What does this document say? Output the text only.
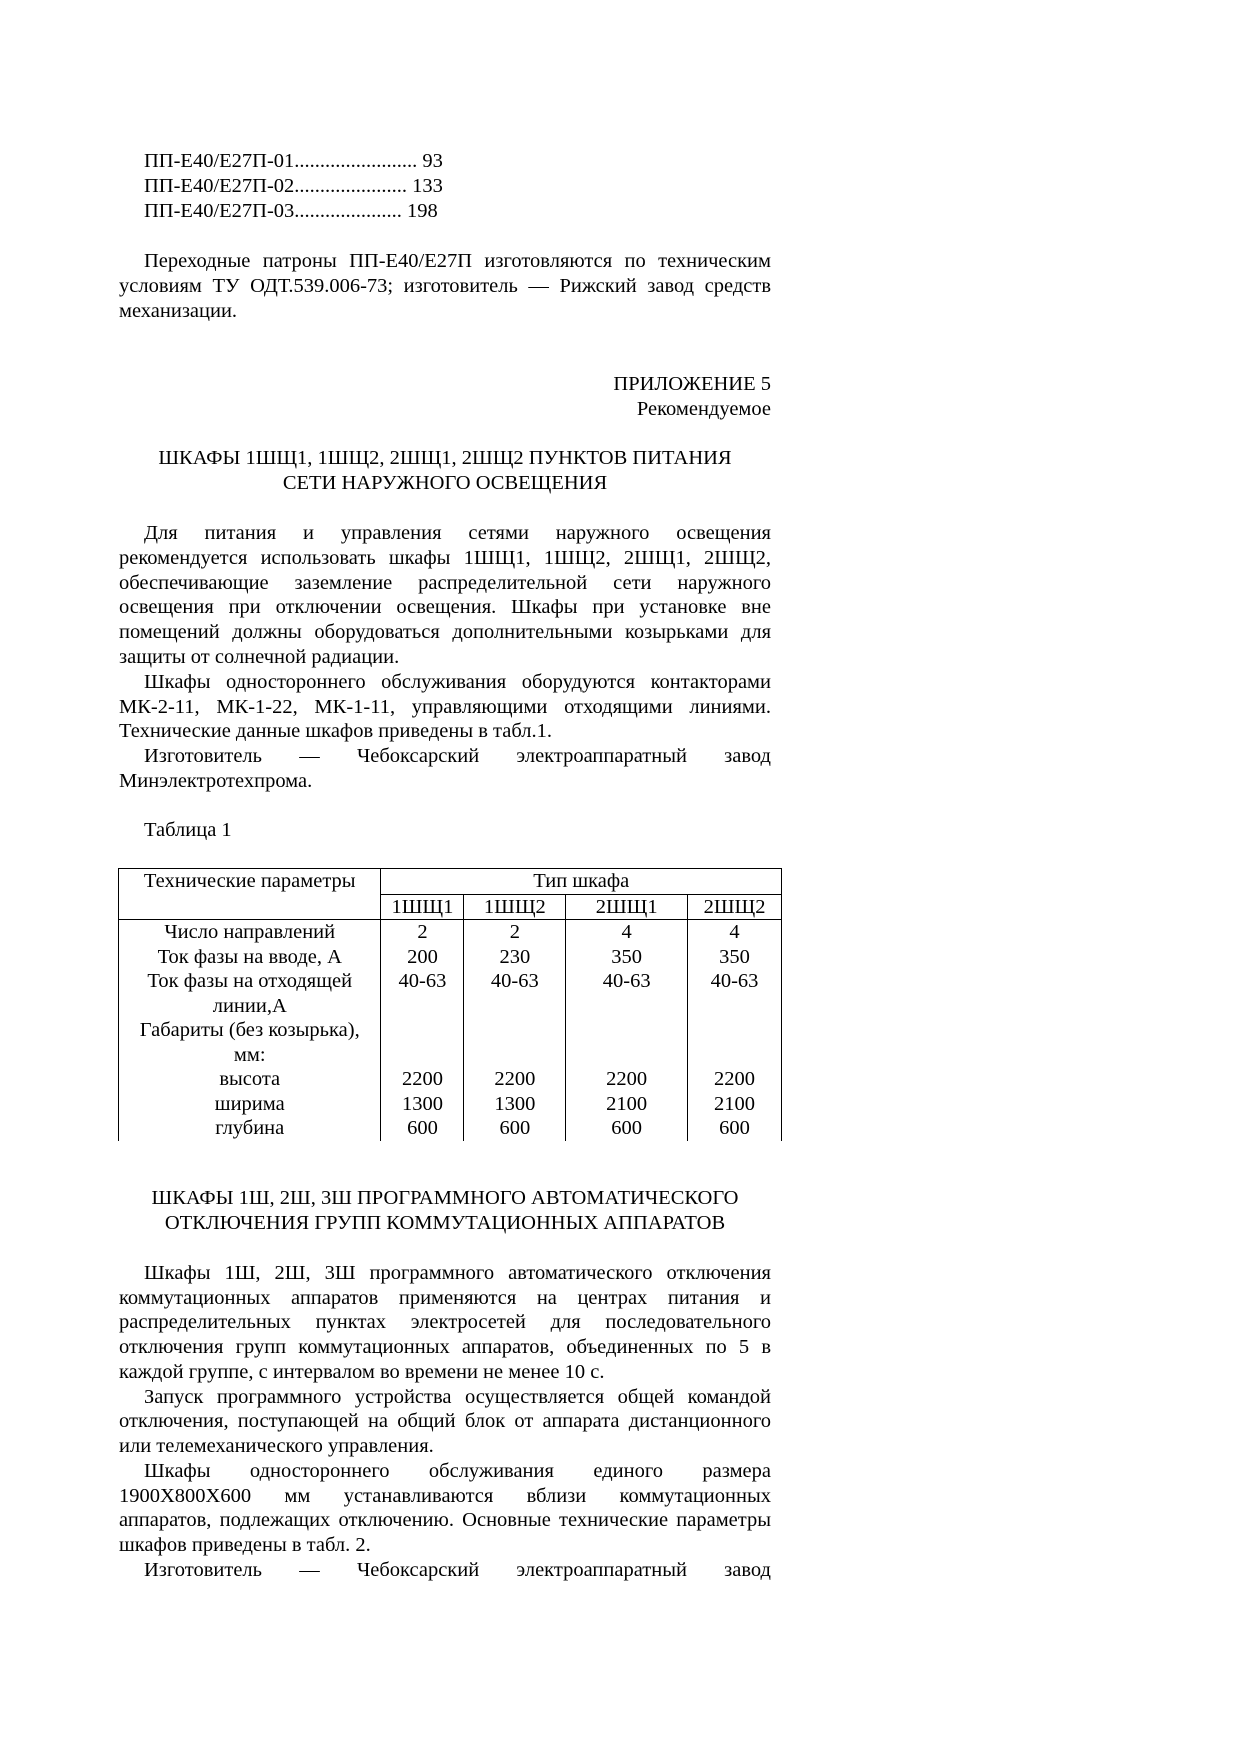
ПП-Е40/Е27П-01........................ 93
ПП-Е40/Е27П-02...................... 133
ПП-Е40/Е27П-03..................... 198
Переходные патроны ПП-Е40/Е27П изготовляются по техническим
условиям ТУ ОДТ.539.006-73; изготовитель — Рижский завод средств
механизации.
ПРИЛОЖЕНИЕ 5
Рекомендуемое
ШКАФЫ 1ШЩ1, 1ШЩ2, 2ШЩ1, 2ШЩ2 ПУНКТОВ ПИТАНИЯ
СЕТИ НАРУЖНОГО ОСВЕЩЕНИЯ
Для питания и управления сетями наружного освещения
рекомендуется использовать шкафы 1ШЩ1, 1ШЩ2, 2ШЩ1, 2ШЩ2,
обеспечивающие заземление распределительной сети наружного
освещения при отключении освещения. Шкафы при установке вне
помещений должны оборудоваться дополнительными козырьками для
защиты от солнечной радиации.
Шкафы одностороннего обслуживания оборудуются контакторами
МК-2-11, МК-1-22, МК-1-11, управляющими отходящими линиями.
Технические данные шкафов приведены в табл.1.
Изготовитель — Чебоксарский электроаппаратный завод
Минэлектротехпрома.
Таблица 1
Технические параметры	Тип шкафа			
	1ШЩ1	1ШЩ2	2ШЩ1	2ШЩ2
Число направлений	2	2	4	4
Ток фазы на вводе, А	200	230	350	350
Ток фазы на отходящей	40-63	40-63	40-63	40-63
линии,А				
Габариты (без козырька),				
мм:				
высота	2200	2200	2200	2200
ширима	1300	1300	2100	2100
глубина	600	600	600	600
ШКАФЫ 1Ш, 2Ш, 3Ш ПРОГРАММНОГО АВТОМАТИЧЕСКОГО
ОТКЛЮЧЕНИЯ ГРУПП КОММУТАЦИОННЫХ АППАРАТОВ
Шкафы 1Ш, 2Ш, 3Ш программного автоматического отключения
коммутационных аппаратов применяются на центрах питания и
распределительных пунктах электросетей для последовательного
отключения групп коммутационных аппаратов, объединенных по 5 в
каждой группе, с интервалом во времени не менее 10 с.
Запуск программного устройства осуществляется общей командой
отключения, поступающей на общий блок от аппарата дистанционного
или телемеханического управления.
Шкафы одностороннего обслуживания единого размера
1900Х800Х600 мм устанавливаются вблизи коммутационных
аппаратов, подлежащих отключению. Основные технические параметры
шкафов приведены в табл. 2.
Изготовитель — Чебоксарский электроаппаратный завод
